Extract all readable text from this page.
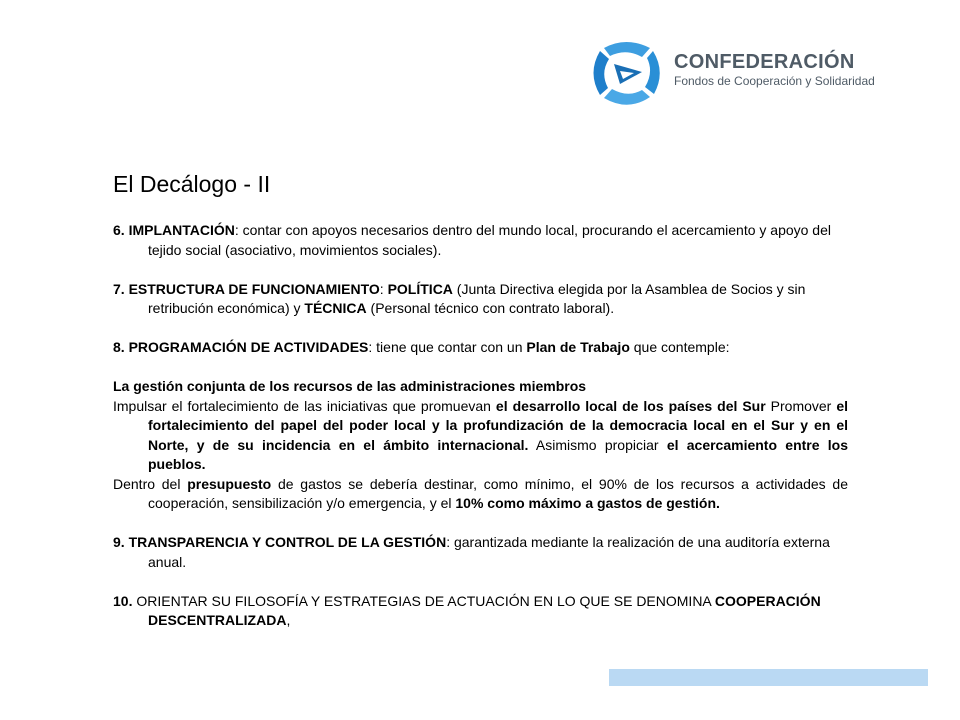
CONFEDERACIÓN
Fondos de Cooperación y Solidaridad
El Decálogo - II

6. IMPLANTACIÓN: contar con apoyos necesarios dentro del mundo local, procurando el acercamiento y apoyo del tejido social (asociativo, movimientos sociales).

7. ESTRUCTURA DE FUNCIONAMIENTO: POLÍTICA (Junta Directiva elegida por la Asamblea de Socios y sin retribución económica) y TÉCNICA (Personal técnico con contrato laboral).

8. PROGRAMACIÓN DE ACTIVIDADES: tiene que contar con un Plan de Trabajo que contemple:

La gestión conjunta de los recursos de las administraciones miembros

Impulsar el fortalecimiento de las iniciativas que promuevan el desarrollo local de los países del Sur Promover el fortalecimiento del papel del poder local y la profundización de la democracia local en el Sur y en el Norte, y de su incidencia en el ámbito internacional. Asimismo propiciar el acercamiento entre los pueblos.

Dentro del presupuesto de gastos se debería destinar, como mínimo, el 90% de los recursos a actividades de cooperación, sensibilización y/o emergencia, y el 10% como máximo a gastos de gestión.

9. TRANSPARENCIA Y CONTROL DE LA GESTIÓN: garantizada mediante la realización de una auditoría externa anual.

10. ORIENTAR SU FILOSOFÍA Y ESTRATEGIAS DE ACTUACIÓN EN LO QUE SE DENOMINA COOPERACIÓN DESCENTRALIZADA,
